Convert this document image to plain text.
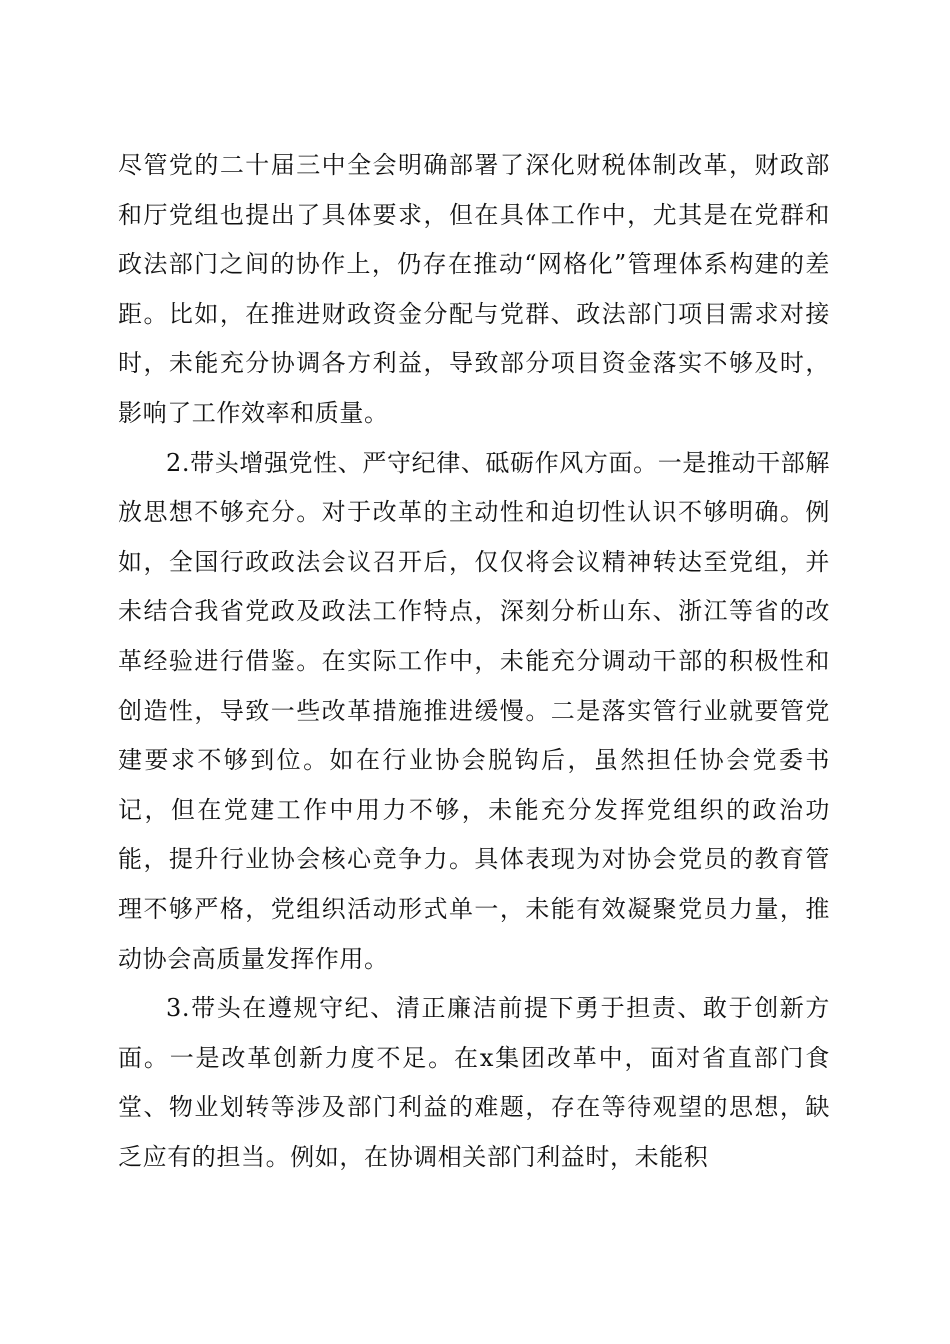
尽管党的二十届三中全会明确部署了深化财税体制改革，财政部和厅党组也提出了具体要求，但在具体工作中，尤其是在党群和政法部门之间的协作上，仍存在推动“网格化”管理体系构建的差距。比如，在推进财政资金分配与党群、政法部门项目需求对接时，未能充分协调各方利益，导致部分项目资金落实不够及时，影响了工作效率和质量。

2.带头增强党性、严守纪律、砥砺作风方面。一是推动干部解放思想不够充分。对于改革的主动性和迫切性认识不够明确。例如，全国行政政法会议召开后，仅仅将会议精神转达至党组，并未结合我省党政及政法工作特点，深刻分析山东、浙江等省的改革经验进行借鉴。在实际工作中，未能充分调动干部的积极性和创造性，导致一些改革措施推进缓慢。二是落实管行业就要管党建要求不够到位。如在行业协会脱钩后，虽然担任协会党委书记，但在党建工作中用力不够，未能充分发挥党组织的政治功能，提升行业协会核心竞争力。具体表现为对协会党员的教育管理不够严格，党组织活动形式单一，未能有效凝聚党员力量，推动协会高质量发挥作用。

3.带头在遵规守纪、清正廉洁前提下勇于担责、敢于创新方面。一是改革创新力度不足。在x集团改革中，面对省直部门食堂、物业划转等涉及部门利益的难题，存在等待观望的思想，缺乏应有的担当。例如，在协调相关部门利益时，未能积
